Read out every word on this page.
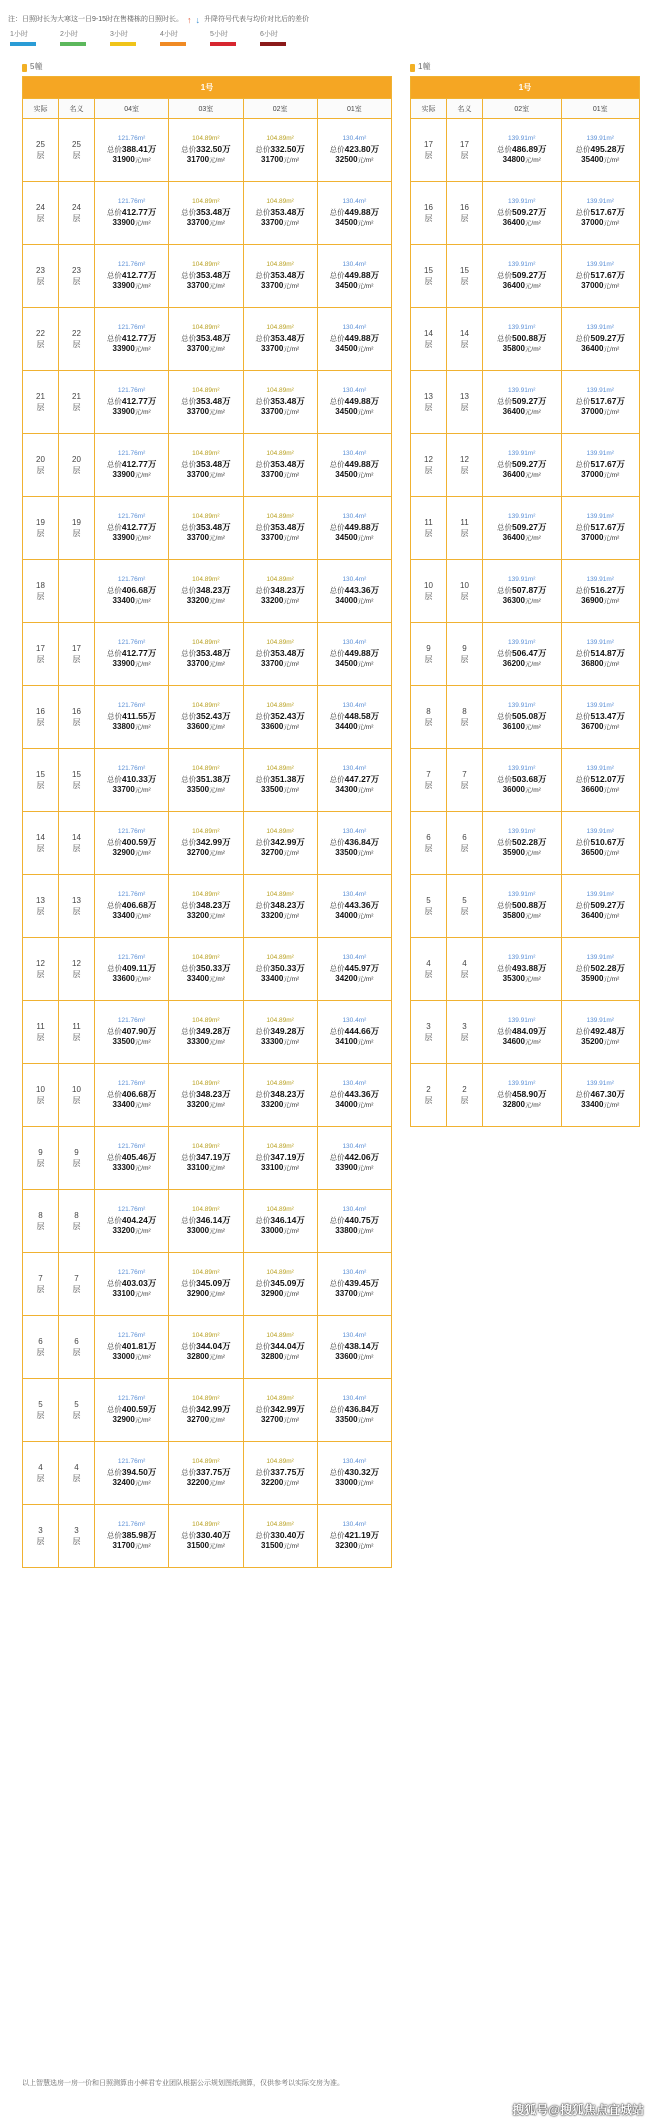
注：日照时长为大寒这一日9-15时在售楼栋的日照时长。 ↑ ↓ 升降符号代表与均价对比后的差价
1小时	2小时	3小时	4小时	5小时	6小时
5幢
1号					
实际	名义	04室	03室	02室	01室

25
层	25
层	121.76m²
总价388.41万
31900元/m²	104.89m²
总价332.50万
31700元/m²	104.89m²
总价332.50万
31700元/m²	130.4m²
总价423.80万
32500元/m²

24
层	24
层	121.76m²
总价412.77万
33900元/m²	104.89m²
总价353.48万
33700元/m²	104.89m²
总价353.48万
33700元/m²	130.4m²
总价449.88万
34500元/m²

23
层	23
层	121.76m²
总价412.77万
33900元/m²	104.89m²
总价353.48万
33700元/m²	104.89m²
总价353.48万
33700元/m²	130.4m²
总价449.88万
34500元/m²

22
层	22
层	121.76m²
总价412.77万
33900元/m²	104.89m²
总价353.48万
33700元/m²	104.89m²
总价353.48万
33700元/m²	130.4m²
总价449.88万
34500元/m²

21
层	21
层	121.76m²
总价412.77万
33900元/m²	104.89m²
总价353.48万
33700元/m²	104.89m²
总价353.48万
33700元/m²	130.4m²
总价449.88万
34500元/m²

20
层	20
层	121.76m²
总价412.77万
33900元/m²	104.89m²
总价353.48万
33700元/m²	104.89m²
总价353.48万
33700元/m²	130.4m²
总价449.88万
34500元/m²

19
层	19
层	121.76m²
总价412.77万
33900元/m²	104.89m²
总价353.48万
33700元/m²	104.89m²
总价353.48万
33700元/m²	130.4m²
总价449.88万
34500元/m²

18
层		121.76m²
总价406.68万
33400元/m²	104.89m²
总价348.23万
33200元/m²	104.89m²
总价348.23万
33200元/m²	130.4m²
总价443.36万
34000元/m²

17
层	17
层	121.76m²
总价412.77万
33900元/m²	104.89m²
总价353.48万
33700元/m²	104.89m²
总价353.48万
33700元/m²	130.4m²
总价449.88万
34500元/m²

16
层	16
层	121.76m²
总价411.55万
33800元/m²	104.89m²
总价352.43万
33600元/m²	104.89m²
总价352.43万
33600元/m²	130.4m²
总价448.58万
34400元/m²

15
层	15
层	121.76m²
总价410.33万
33700元/m²	104.89m²
总价351.38万
33500元/m²	104.89m²
总价351.38万
33500元/m²	130.4m²
总价447.27万
34300元/m²

14
层	14
层	121.76m²
总价400.59万
32900元/m²	104.89m²
总价342.99万
32700元/m²	104.89m²
总价342.99万
32700元/m²	130.4m²
总价436.84万
33500元/m²

13
层	13
层	121.76m²
总价406.68万
33400元/m²	104.89m²
总价348.23万
33200元/m²	104.89m²
总价348.23万
33200元/m²	130.4m²
总价443.36万
34000元/m²

12
层	12
层	121.76m²
总价409.11万
33600元/m²	104.89m²
总价350.33万
33400元/m²	104.89m²
总价350.33万
33400元/m²	130.4m²
总价445.97万
34200元/m²

11
层	11
层	121.76m²
总价407.90万
33500元/m²	104.89m²
总价349.28万
33300元/m²	104.89m²
总价349.28万
33300元/m²	130.4m²
总价444.66万
34100元/m²

10
层	10
层	121.76m²
总价406.68万
33400元/m²	104.89m²
总价348.23万
33200元/m²	104.89m²
总价348.23万
33200元/m²	130.4m²
总价443.36万
34000元/m²

9
层	9
层	121.76m²
总价405.46万
33300元/m²	104.89m²
总价347.19万
33100元/m²	104.89m²
总价347.19万
33100元/m²	130.4m²
总价442.06万
33900元/m²

8
层	8
层	121.76m²
总价404.24万
33200元/m²	104.89m²
总价346.14万
33000元/m²	104.89m²
总价346.14万
33000元/m²	130.4m²
总价440.75万
33800元/m²

7
层	7
层	121.76m²
总价403.03万
33100元/m²	104.89m²
总价345.09万
32900元/m²	104.89m²
总价345.09万
32900元/m²	130.4m²
总价439.45万
33700元/m²

6
层	6
层	121.76m²
总价401.81万
33000元/m²	104.89m²
总价344.04万
32800元/m²	104.89m²
总价344.04万
32800元/m²	130.4m²
总价438.14万
33600元/m²

5
层	5
层	121.76m²
总价400.59万
32900元/m²	104.89m²
总价342.99万
32700元/m²	104.89m²
总价342.99万
32700元/m²	130.4m²
总价436.84万
33500元/m²

4
层	4
层	121.76m²
总价394.50万
32400元/m²	104.89m²
总价337.75万
32200元/m²	104.89m²
总价337.75万
32200元/m²	130.4m²
总价430.32万
33000元/m²

3
层	3
层	121.76m²
总价385.98万
31700元/m²	104.89m²
总价330.40万
31500元/m²	104.89m²
总价330.40万
31500元/m²	130.4m²
总价421.19万
32300元/m²
1幢
1号			
实际	名义	02室	01室

17
层	17
层	139.91m²
总价486.89万
34800元/m²	139.91m²
总价495.28万
35400元/m²

16
层	16
层	139.91m²
总价509.27万
36400元/m²	139.91m²
总价517.67万
37000元/m²

15
层	15
层	139.91m²
总价509.27万
36400元/m²	139.91m²
总价517.67万
37000元/m²

14
层	14
层	139.91m²
总价500.88万
35800元/m²	139.91m²
总价509.27万
36400元/m²

13
层	13
层	139.91m²
总价509.27万
36400元/m²	139.91m²
总价517.67万
37000元/m²

12
层	12
层	139.91m²
总价509.27万
36400元/m²	139.91m²
总价517.67万
37000元/m²

11
层	11
层	139.91m²
总价509.27万
36400元/m²	139.91m²
总价517.67万
37000元/m²

10
层	10
层	139.91m²
总价507.87万
36300元/m²	139.91m²
总价516.27万
36900元/m²

9
层	9
层	139.91m²
总价506.47万
36200元/m²	139.91m²
总价514.87万
36800元/m²

8
层	8
层	139.91m²
总价505.08万
36100元/m²	139.91m²
总价513.47万
36700元/m²

7
层	7
层	139.91m²
总价503.68万
36000元/m²	139.91m²
总价512.07万
36600元/m²

6
层	6
层	139.91m²
总价502.28万
35900元/m²	139.91m²
总价510.67万
36500元/m²

5
层	5
层	139.91m²
总价500.88万
35800元/m²	139.91m²
总价509.27万
36400元/m²

4
层	4
层	139.91m²
总价493.88万
35300元/m²	139.91m²
总价502.28万
35900元/m²

3
层	3
层	139.91m²
总价484.09万
34600元/m²	139.91m²
总价492.48万
35200元/m²

2
层	2
层	139.91m²
总价458.90万
32800元/m²	139.91m²
总价467.30万
33400元/m²
以上智慧选房一房一价和日照测算由小鲜君专业团队根据公示规划图纸测算，仅供参考以实际交房为准。
搜狐号@搜狐焦点宜城站
